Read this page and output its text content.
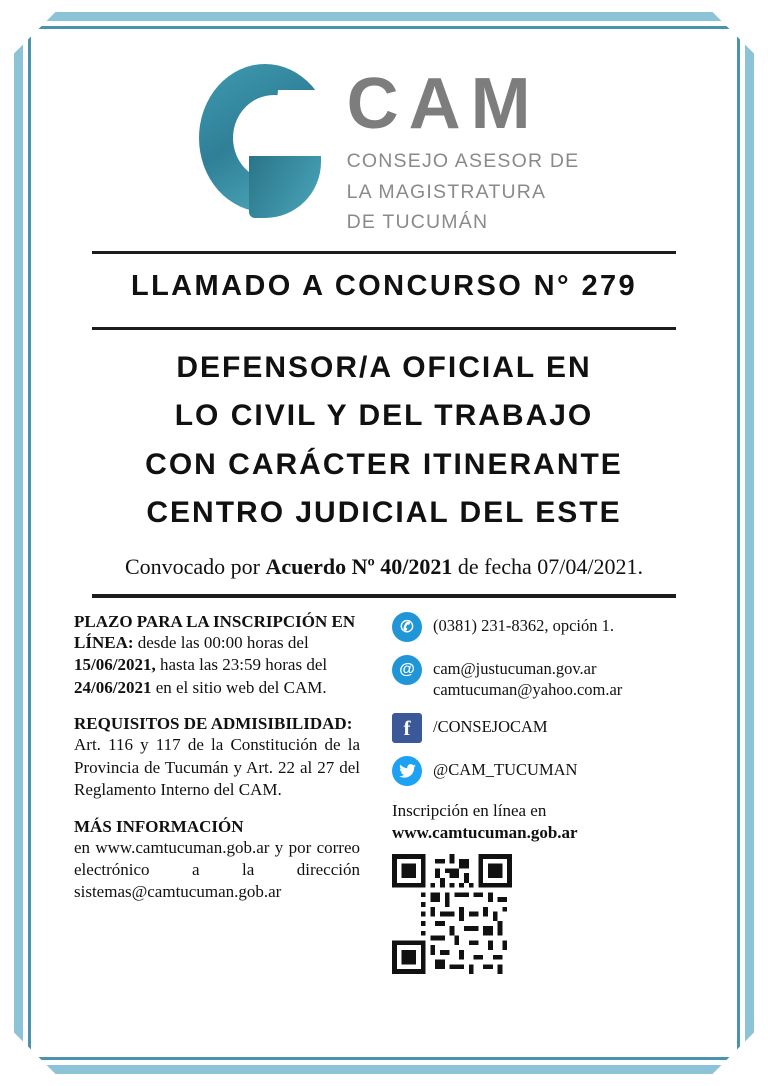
CAM
CONSEJO ASESOR DE
LA MAGISTRATURA
DE TUCUMÁN
LLAMADO A CONCURSO N° 279
DEFENSOR/A OFICIAL EN
LO CIVIL Y DEL TRABAJO
CON CARÁCTER ITINERANTE
CENTRO JUDICIAL DEL ESTE
Convocado por Acuerdo Nº 40/2021 de fecha 07/04/2021.
PLAZO PARA LA INSCRIPCIÓN EN LÍNEA:

desde las 00:00 horas del

15/06/2021,

hasta las 23:59 horas del

24/06/2021

en el sitio web del CAM.

REQUISITOS DE ADMISIBILIDAD:

Art. 116 y 117 de la Constitución de la Provincia de Tucumán y Art. 22 al 27 del Reglamento Interno del CAM.

MÁS INFORMACIÓN

en www.camtucuman.gob.ar y por correo electrónico a la dirección sistemas@camtucuman.gob.ar

✆	(0381) 231-8362, opción 1.
@	cam@justucuman.gov.ar
camtucuman@yahoo.com.ar
f	/CONSEJOCAM
@CAM_TUCUMAN
Inscripción en línea en
www.camtucuman.gob.ar
